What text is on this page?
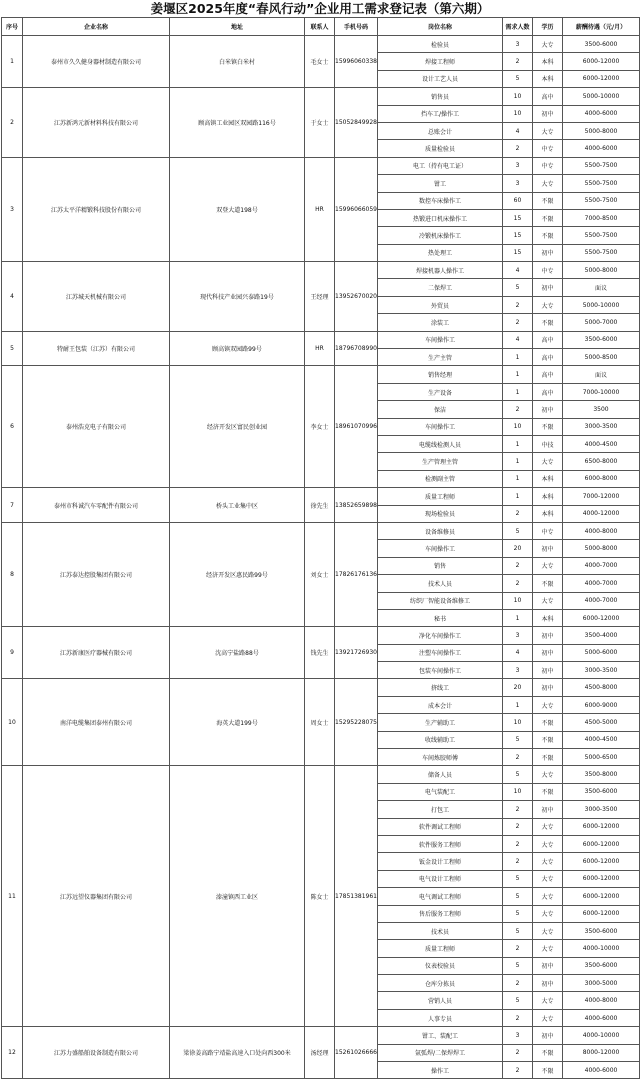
姜堰区2025年度“春风行动”企业用工需求登记表（第六期）
序号	企业名称	地址	联系人	手机号码	岗位名称	需求人数	学历	薪酬待遇（元/月）
1	泰州市久久健身器材制造有限公司	白米镇白米村	毛女士	15996060338	检验员	3	大专	3500-6000
					焊接工程师	2	本科	6000-12000
					设计工艺人员	5	本科	6000-12000
2	江苏新鸿元新材料科技有限公司	顾高镇工业园区双园路116号	于女士	15052849928	销售员	10	高中	5000-10000
					挡车工/操作工	10	初中	4000-6000
					总账会计	4	大专	5000-8000
					质量检验员	2	中专	4000-6000
3	江苏太平洋精锻科技股份有限公司	双登大道198号	HR	15996066059	电工（持有电工证）	3	中专	5500-7500
					钳工	3	大专	5500-7500
					数控车床操作工	60	不限	5500-7500
					热锻进口机床操作工	15	不限	7000-8500
					冷锻机床操作工	15	不限	5500-7500
					热处理工	15	初中	5500-7500
4	江苏城天机械有限公司	现代科技产业园兴泰路19号	王经理	13952670020	焊接机器人操作工	4	中专	5000-8000
					二保焊工	5	初中	面议
					外贸员	2	大专	5000-10000
					涂装工	2	不限	5000-7000
5	特耐王包装（江苏）有限公司	顾高镇双园路99号	HR	18796708990	车间操作工	4	高中	3500-6000
					生产主管	1	高中	5000-8500
6	泰州浩克电子有限公司	经济开发区富民创业园	李女士	18961070996	销售经理	1	高中	面议
					生产设备	1	高中	7000-10000
					保洁	2	初中	3500
					车间操作工	10	不限	3000-3500
					电缆线检测人员	1	中技	4000-4500
					生产管理主管	1	大专	6500-8000
					检测副主管	1	本科	6000-8000
7	泰州市科诚汽车零配件有限公司	桥头工业集中区	徐先生	13852659898	质量工程师	1	本科	7000-12000
					现场检验员	2	本科	4000-12000
8	江苏泰达控股集团有限公司	经济开发区惠民路99号	刘女士	17826176136	设备维修员	5	中专	4000-8000
					车间操作工	20	初中	5000-8000
					销售	2	大专	4000-7000
					技术人员	2	不限	4000-7000
					纺织厂智能设备维修工	10	大专	4000-7000
					秘书	1	本科	6000-12000
9	江苏新康医疗器械有限公司	沈高宁盐路88号	钱先生	13921726930	净化车间操作工	3	初中	3500-4000
					注塑车间操作工	4	初中	5000-6000
					包装车间操作工	3	初中	3000-3500
10	南洋电缆集团泰州有限公司	海英大道199号	周女士	15295228075	挤线工	20	初中	4500-8000
					成本会计	1	大专	6000-9000
					生产辅助工	10	不限	4500-5000
					收线辅助工	5	不限	4000-4500
					车间炼胶师傅	2	不限	5000-6500
11	江苏远望仪器集团有限公司	溱潼镇西工业区	陈女士	17851381961	储备人员	5	大专	3500-8000
					电气装配工	10	不限	3500-6000
					打包工	2	初中	3000-3500
					软件调试工程师	2	大专	6000-12000
					软件服务工程师	2	大专	6000-12000
					钣金设计工程师	2	大专	6000-12000
					电气设计工程师	5	大专	6000-12000
					电气调试工程师	5	大专	6000-12000
					售后服务工程师	5	大专	6000-12000
					技术员	5	大专	3500-6000
					质量工程师	2	大专	4000-10000
					仪表校验员	5	初中	3500-6000
					仓库分拣员	2	初中	3000-5000
					营销人员	5	大专	4000-8000
					人事专员	2	大专	4000-6000
12	江苏力盛船舶设备制造有限公司	梁徐姜高路宁靖盐高速入口处向西300米	汤经理	15261026666	钳工、装配工	3	初中	4000-10000
					氩弧焊/二保焊焊工	2	不限	8000-12000
					操作工	2	不限	4000-6000
